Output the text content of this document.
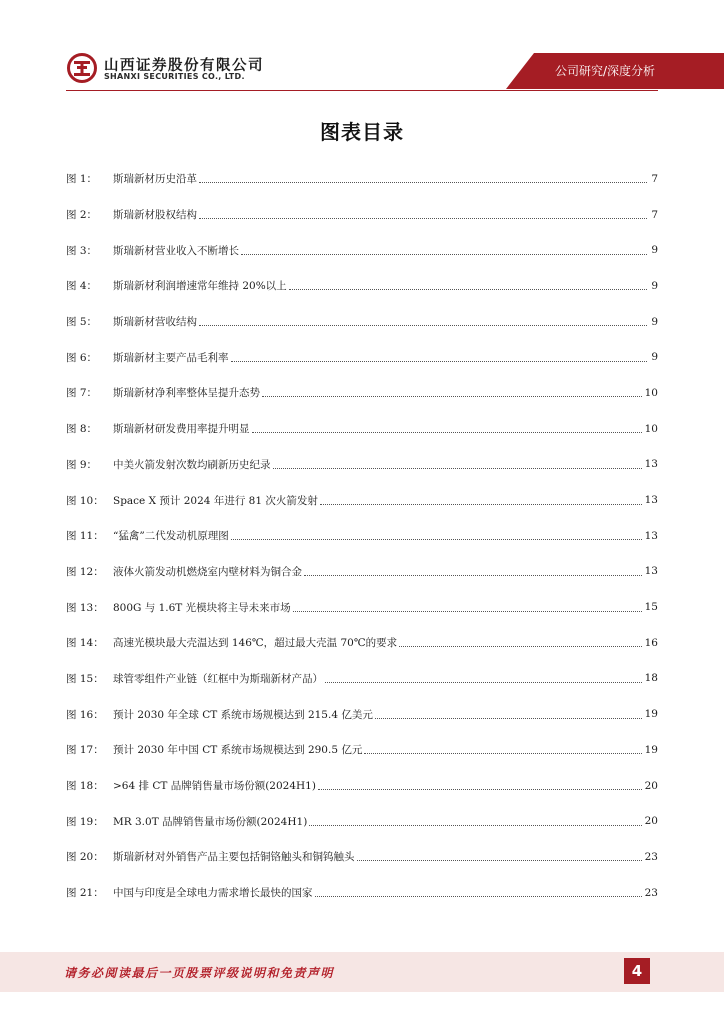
山西证券股份有限公司
SHANXI SECURITIES CO., LTD.	公司研究/深度分析
图表目录
图 1：	斯瑞新材历史沿革	7
图 2：	斯瑞新材股权结构	7
图 3：	斯瑞新材营业收入不断增长	9
图 4：	斯瑞新材利润增速常年维持 20%以上	9
图 5：	斯瑞新材营收结构	9
图 6：	斯瑞新材主要产品毛利率	9
图 7：	斯瑞新材净利率整体呈提升态势	10
图 8：	斯瑞新材研发费用率提升明显	10
图 9：	中美火箭发射次数均刷新历史纪录	13
图 10： Space X 预计 2024 年进行 81 次火箭发射	13
图 11： “猛禽”二代发动机原理图	13
图 12： 液体火箭发动机燃烧室内壁材料为铜合金	13
图 13： 800G 与 1.6T 光模块将主导未来市场	15
图 14： 高速光模块最大壳温达到 146℃，超过最大壳温 70℃的要求	16
图 15： 球管零组件产业链（红框中为斯瑞新材产品）	18
图 16： 预计 2030 年全球 CT 系统市场规模达到 215.4 亿美元	19
图 17： 预计 2030 年中国 CT 系统市场规模达到 290.5 亿元	19
图 18： >64 排 CT 品牌销售量市场份额(2024H1)	20
图 19： MR 3.0T 品牌销售量市场份额(2024H1)	20
图 20： 斯瑞新材对外销售产品主要包括铜铬触头和铜钨触头	23
图 21： 中国与印度是全球电力需求增长最快的国家	23
请务必阅读最后一页股票评级说明和免责声明	4
